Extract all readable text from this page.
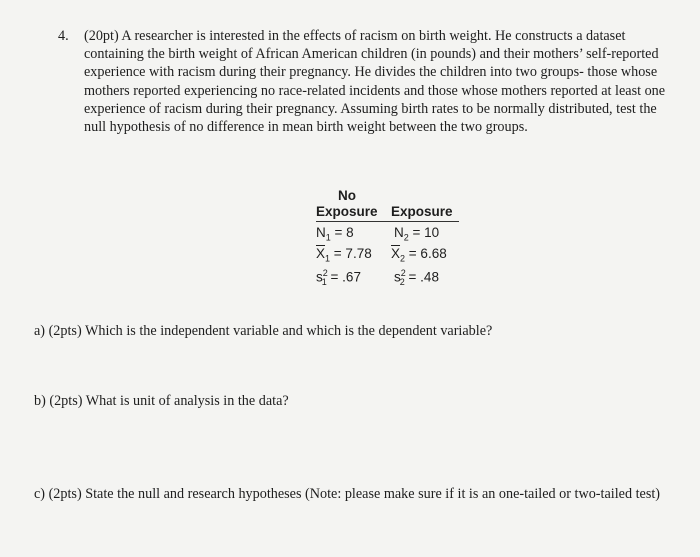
4. (20pt) A researcher is interested in the effects of racism on birth weight. He constructs a dataset containing the birth weight of African American children (in pounds) and their mothers’ self-reported experience with racism during their pregnancy. He divides the children into two groups- those whose mothers reported experiencing no race-related incidents and those whose mothers reported at least one experience of racism during their pregnancy. Assuming birth rates to be normally distributed, test the null hypothesis of no difference in mean birth weight between the two groups.
No
Exposure Exposure
$N_1 = 8$	$N_2 = 10$
$\overline{X}_1 = 7.78$ $\overline{X}_2 = 6.68$
$s^2_1 = .67$ $s^2_2 = .48$
a) (2pts) Which is the independent variable and which is the dependent variable?
b) (2pts) What is unit of analysis in the data?
c) (2pts) State the null and research hypotheses (Note: please make sure if it is an one-tailed or two-tailed test)
